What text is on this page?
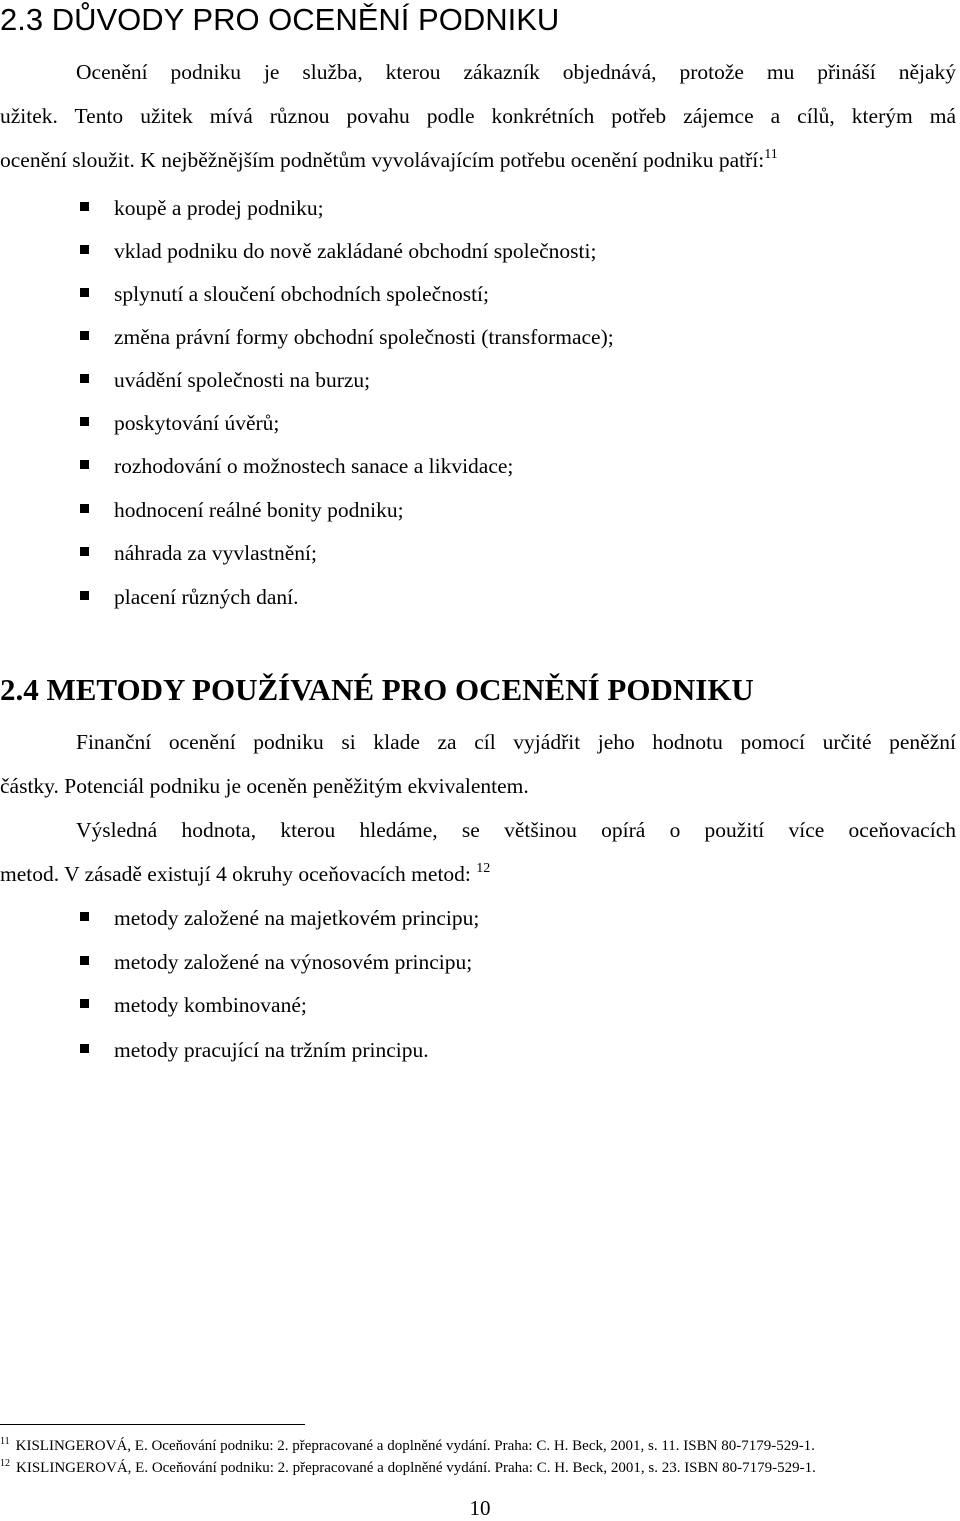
2.3 DŮVODY PRO OCENĚNÍ PODNIKU
Ocenění podniku je služba, kterou zákazník objednává, protože mu přináší nějaký
užitek. Tento užitek mívá různou povahu podle konkrétních potřeb zájemce a cílů, kterým má
ocenění sloužit. K nejběžnějším podnětům vyvolávajícím potřebu ocenění podniku patří:$^{11}$
koupě a prodej podniku;
vklad podniku do nově zakládané obchodní společnosti;
splynutí a sloučení obchodních společností;
změna právní formy obchodní společnosti (transformace);
uvádění společnosti na burzu;
poskytování úvěrů;
rozhodování o možnostech sanace a likvidace;
hodnocení reálné bonity podniku;
náhrada za vyvlastnění;
placení různých daní.
2.4 METODY POUŽÍVANÉ PRO OCENĚNÍ PODNIKU
Finanční ocenění podniku si klade za cíl vyjádřit jeho hodnotu pomocí určité peněžní
částky. Potenciál podniku je oceněn peněžitým ekvivalentem.
Výsledná hodnota, kterou hledáme, se většinou opírá o použití více oceňovacích
metod. V zásadě existují 4 okruhy oceňovacích metod: $^{12}$
metody založené na majetkovém principu;
metody založené na výnosovém principu;
metody kombinované;
metody pracující na tržním principu.
$^{11}$ KISLINGEROVÁ, E. Oceňování podniku: 2. přepracované a doplněné vydání. Praha: C. H. Beck, 2001, s. 11. ISBN 80-7179-529-1.
$^{12}$ KISLINGEROVÁ, E. Oceňování podniku: 2. přepracované a doplněné vydání. Praha: C. H. Beck, 2001, s. 23. ISBN 80-7179-529-1.
10
